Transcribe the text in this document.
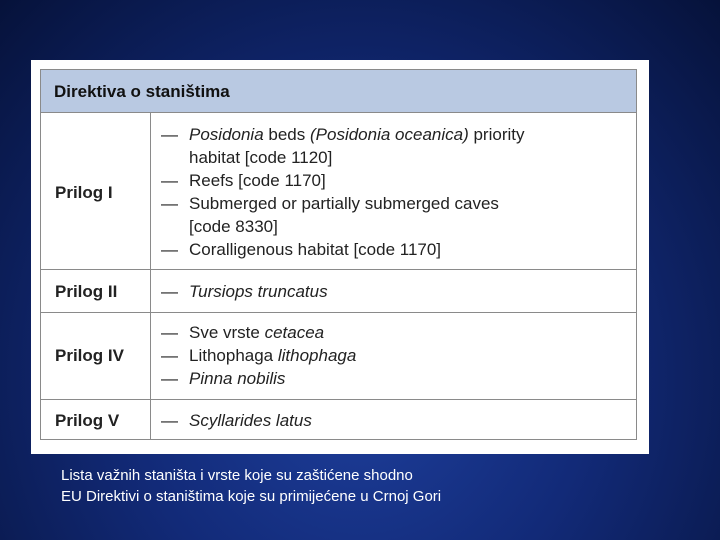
Direktiva o staništima
Prilog I
— Posidonia beds (Posidonia oceanica) priority
habitat [code 1120]
— Reefs [code 1170]
— Submerged or partially submerged caves
[code 8330]
— Coralligenous habitat [code 1170]
Prilog II	— Tursiops truncatus
Prilog IV
— Sve vrste cetacea
— Lithophaga lithophaga
— Pinna nobilis
Prilog V — Scyllarides latus
Lista važnih staništa i vrste koje su zaštićene shodno
EU Direktivi o staništima koje su primijećene u Crnoj Gori
